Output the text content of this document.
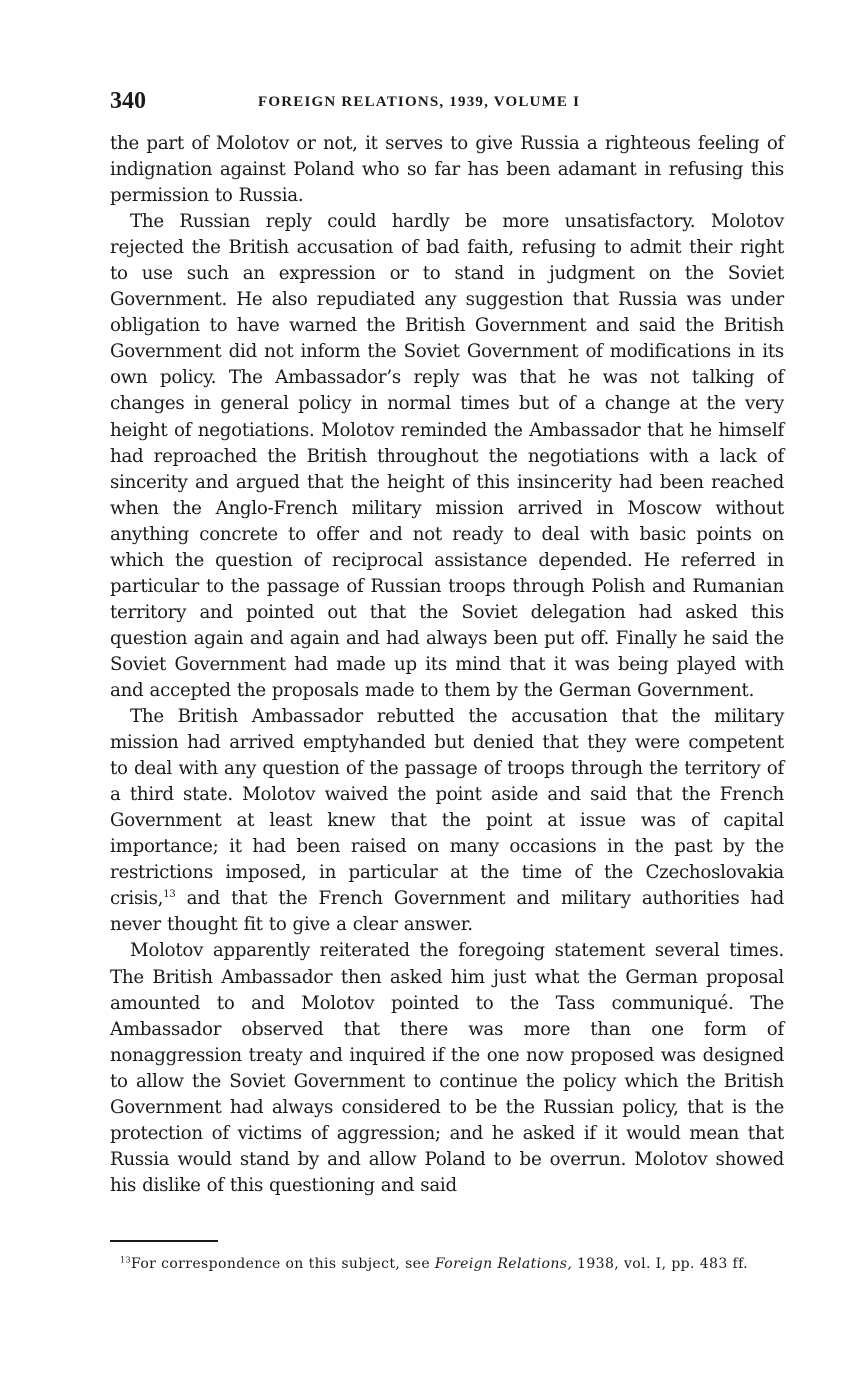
340	FOREIGN RELATIONS, 1939, VOLUME I

the part of Molotov or not, it serves to give Russia a righteous feeling of indignation against Poland who so far has been adamant in refusing this permission to Russia.

The Russian reply could hardly be more unsatisfactory. Molotov rejected the British accusation of bad faith, refusing to admit their right to use such an expression or to stand in judgment on the Soviet Government. He also repudiated any suggestion that Russia was under obligation to have warned the British Government and said the British Government did not inform the Soviet Government of modifications in its own policy. The Ambassador’s reply was that he was not talking of changes in general policy in normal times but of a change at the very height of negotiations. Molotov reminded the Ambassador that he himself had reproached the British throughout the negotiations with a lack of sincerity and argued that the height of this insincerity had been reached when the Anglo-French military mission arrived in Moscow without anything concrete to offer and not ready to deal with basic points on which the question of reciprocal assistance depended. He referred in particular to the passage of Russian troops through Polish and Rumanian territory and pointed out that the Soviet delegation had asked this question again and again and had always been put off. Finally he said the Soviet Government had made up its mind that it was being played with and accepted the proposals made to them by the German Government.

The British Ambassador rebutted the accusation that the military mission had arrived emptyhanded but denied that they were competent to deal with any question of the passage of troops through the territory of a third state. Molotov waived the point aside and said that the French Government at least knew that the point at issue was of capital importance; it had been raised on many occasions in the past by the restrictions imposed, in particular at the time of the Czechoslovakia crisis,$^{13}$ and that the French Government and military authorities had never thought fit to give a clear answer.

Molotov apparently reiterated the foregoing statement several times. The British Ambassador then asked him just what the German proposal amounted to and Molotov pointed to the Tass communiqué. The Ambassador observed that there was more than one form of nonaggression treaty and inquired if the one now proposed was designed to allow the Soviet Government to continue the policy which the British Government had always considered to be the Russian policy, that is the protection of victims of aggression; and he asked if it would mean that Russia would stand by and allow Poland to be overrun. Molotov showed his dislike of this questioning and said

$^{13}$For correspondence on this subject, see Foreign Relations, 1938, vol. I, pp. 483 ff.
